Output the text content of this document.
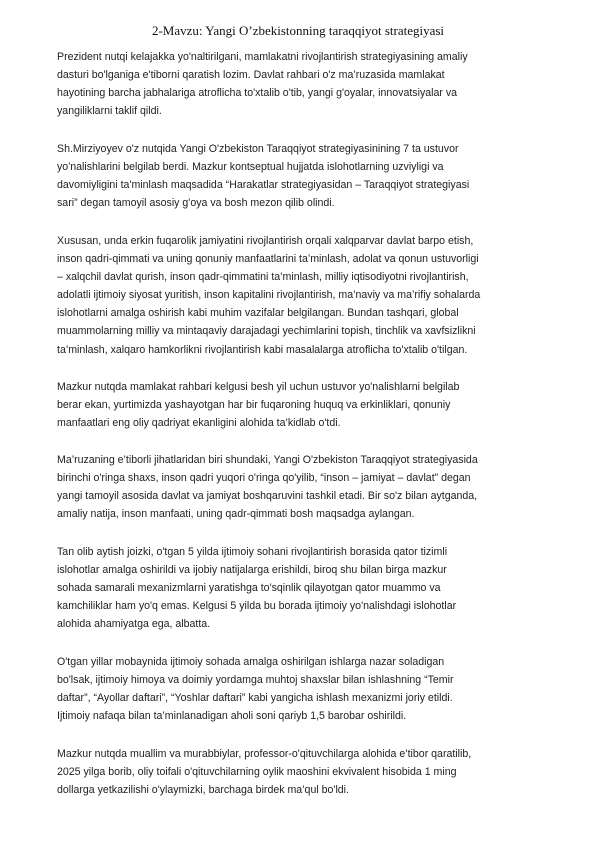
2-Mavzu: Yangi O’zbekistonning taraqqiyot strategiyasi

Prezident nutqi kelajakka yo'naltirilgani, mamlakatni rivojlantirish strategiyasining amaliy
dasturi bo'lganiga e'tiborni qaratish lozim. Davlat rahbari o'z ma’ruzasida mamlakat
hayotining barcha jabhalariga atroflicha to'xtalib o'tib, yangi g'oyalar, innovatsiyalar va
yangiliklarni taklif qildi.

Sh.Mirziyoyev o'z nutqida Yangi O'zbekiston Taraqqiyot strategiyasinining 7 ta ustuvor
yo'nalishlarini belgilab berdi. Mazkur kontseptual hujjatda islohotlarning uzviyligi va
davomiyligini ta'minlash maqsadida “Harakatlar strategiyasidan – Taraqqiyot strategiyasi
sari” degan tamoyil asosiy g'oya va bosh mezon qilib olindi.

Xususan, unda erkin fuqarolik jamiyatini rivojlantirish orqali xalqparvar davlat barpo etish,
inson qadri-qimmati va uning qonuniy manfaatlarini ta’minlash, adolat va qonun ustuvorligi
– xalqchil davlat qurish, inson qadr-qimmatini ta’minlash, milliy iqtisodiyotni rivojlantirish,
adolatli ijtimoiy siyosat yuritish, inson kapitalini rivojlantirish, ma’naviy va ma’rifiy sohalarda
islohotlarni amalga oshirish kabi muhim vazifalar belgilangan. Bundan tashqari, global
muammolarning milliy va mintaqaviy darajadagi yechimlarini topish, tinchlik va xavfsizlikni
ta’minlash, xalqaro hamkorlikni rivojlantirish kabi masalalarga atroflicha to'xtalib o'tilgan.

Mazkur nutqda mamlakat rahbari kelgusi besh yil uchun ustuvor yo'nalishlarni belgilab
berar ekan, yurtimizda yashayotgan har bir fuqaroning huquq va erkinliklari, qonuniy
manfaatlari eng oliy qadriyat ekanligini alohida ta’kidlab o'tdi.

Ma’ruzaning e’tiborli jihatlaridan biri shundaki, Yangi O'zbekiston Taraqqiyot strategiyasida
birinchi o'ringa shaxs, inson qadri yuqori o'ringa qo'yilib, “inson – jamiyat – davlat” degan
yangi tamoyil asosida davlat va jamiyat boshqaruvini tashkil etadi. Bir so'z bilan aytganda,
amaliy natija, inson manfaati, uning qadr-qimmati bosh maqsadga aylangan.

Tan olib aytish joizki, o'tgan 5 yilda ijtimoiy sohani rivojlantirish borasida qator tizimli
islohotlar amalga oshirildi va ijobiy natijalarga erishildi, biroq shu bilan birga mazkur
sohada samarali mexanizmlarni yaratishga to'sqinlik qilayotgan qator muammo va
kamchiliklar ham yo'q emas. Kelgusi 5 yilda bu borada ijtimoiy yo'nalishdagi islohotlar
alohida ahamiyatga ega, albatta.

O'tgan yillar mobaynida ijtimoiy sohada amalga oshirilgan ishlarga nazar soladigan
bo'lsak, ijtimoiy himoya va doimiy yordamga muhtoj shaxslar bilan ishlashning “Temir
daftar”, “Ayollar daftari”, “Yoshlar daftari” kabi yangicha ishlash mexanizmi joriy etildi.
Ijtimoiy nafaqa bilan ta’minlanadigan aholi soni qariyb 1,5 barobar oshirildi.

Mazkur nutqda muallim va murabbiylar, professor-o'qituvchilarga alohida e’tibor qaratilib,
2025 yilga borib, oliy toifali o'qituvchilarning oylik maoshini ekvivalent hisobida 1 ming
dollarga yetkazilishi o'ylaymizki, barchaga birdek ma’qul bo'ldi.
